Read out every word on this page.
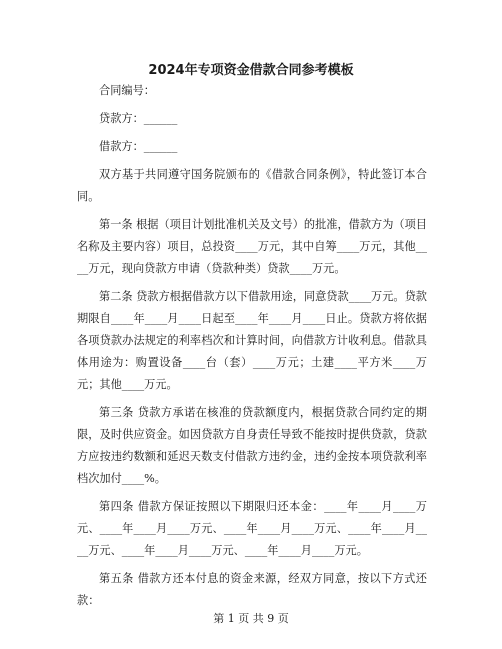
2024年专项资金借款合同参考模板

合同编号：

贷款方：______

借款方：______

双方基于共同遵守国务院颁布的《借款合同条例》，特此签订本合同。

第一条 根据（项目计划批准机关及文号）的批准，借款方为（项目名称及主要内容）项目，总投资____万元，其中自筹____万元，其他____万元，现向贷款方申请（贷款种类）贷款____万元。

第二条 贷款方根据借款方以下借款用途，同意贷款____万元。贷款期限自____年____月____日起至____年____月____日止。贷款方将依据各项贷款办法规定的利率档次和计算时间，向借款方计收利息。借款具体用途为：购置设备____台（套）____万元；土建____平方米____万元；其他____万元。

第三条 贷款方承诺在核准的贷款额度内，根据贷款合同约定的期限，及时供应资金。如因贷款方自身责任导致不能按时提供贷款，贷款方应按违约数额和延迟天数支付借款方违约金，违约金按本项贷款利率档次加付____%。

第四条 借款方保证按照以下期限归还本金：____年____月____万元、____年____月____万元、____年____月____万元、____年____月____万元、____年____月____万元、____年____月____万元。

第五条 借款方还本付息的资金来源，经双方同意，按以下方式还款：

第 1 页 共 9 页
